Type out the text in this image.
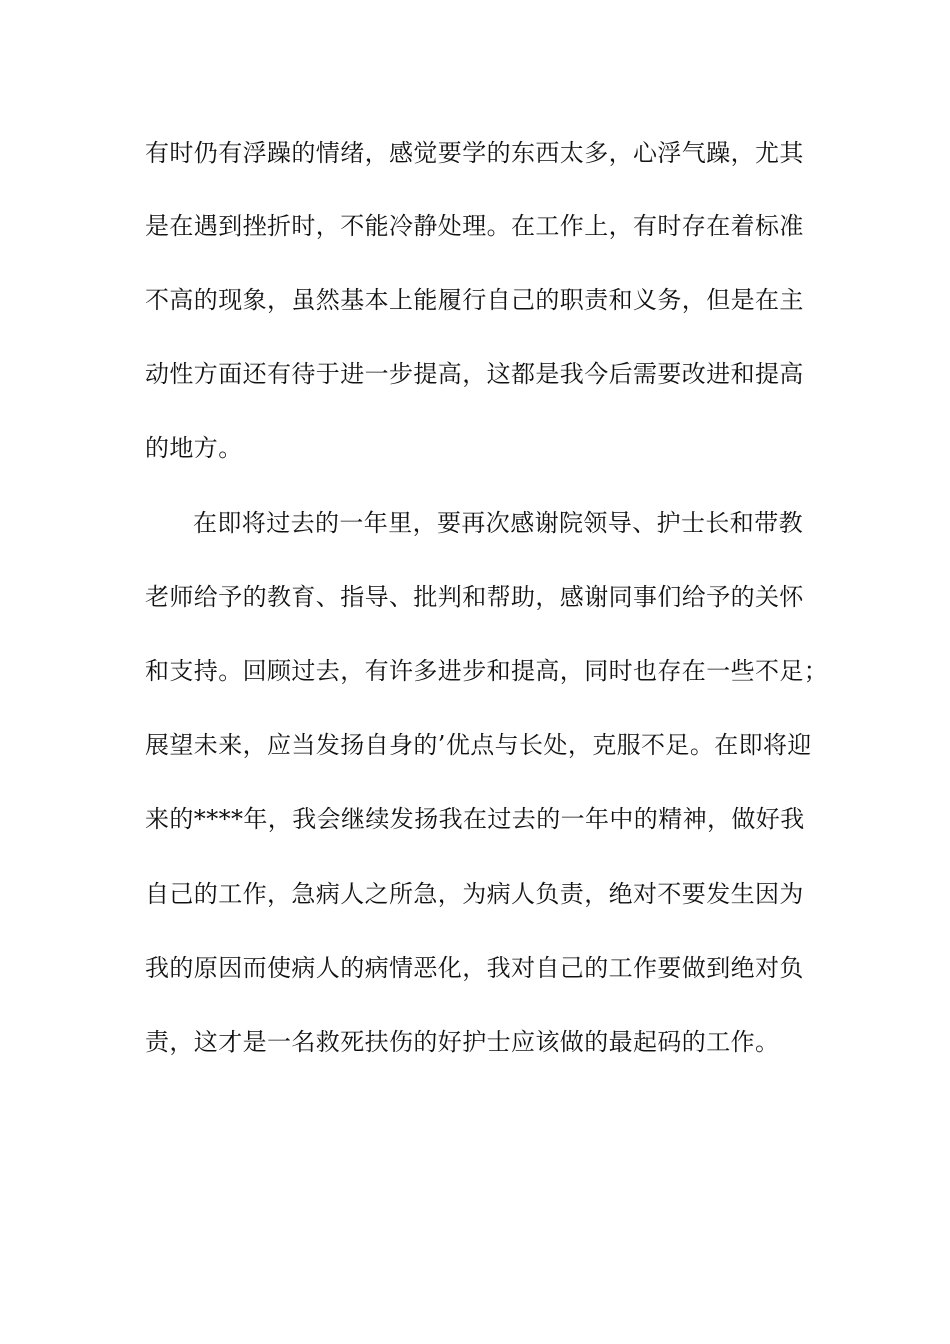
有时仍有浮躁的情绪，感觉要学的东西太多，心浮气躁，尤其
是在遇到挫折时，不能冷静处理。在工作上，有时存在着标准
不高的现象，虽然基本上能履行自己的职责和义务，但是在主
动性方面还有待于进一步提高，这都是我今后需要改进和提高
的地方。
在即将过去的一年里，要再次感谢院领导、护士长和带教
老师给予的教育、指导、批判和帮助，感谢同事们给予的关怀
和支持。回顾过去，有许多进步和提高，同时也存在一些不足；
展望未来，应当发扬自身的’优点与长处，克服不足。在即将迎
来的****年，我会继续发扬我在过去的一年中的精神，做好我
自己的工作，急病人之所急，为病人负责，绝对不要发生因为
我的原因而使病人的病情恶化，我对自己的工作要做到绝对负
责，这才是一名救死扶伤的好护士应该做的最起码的工作。
